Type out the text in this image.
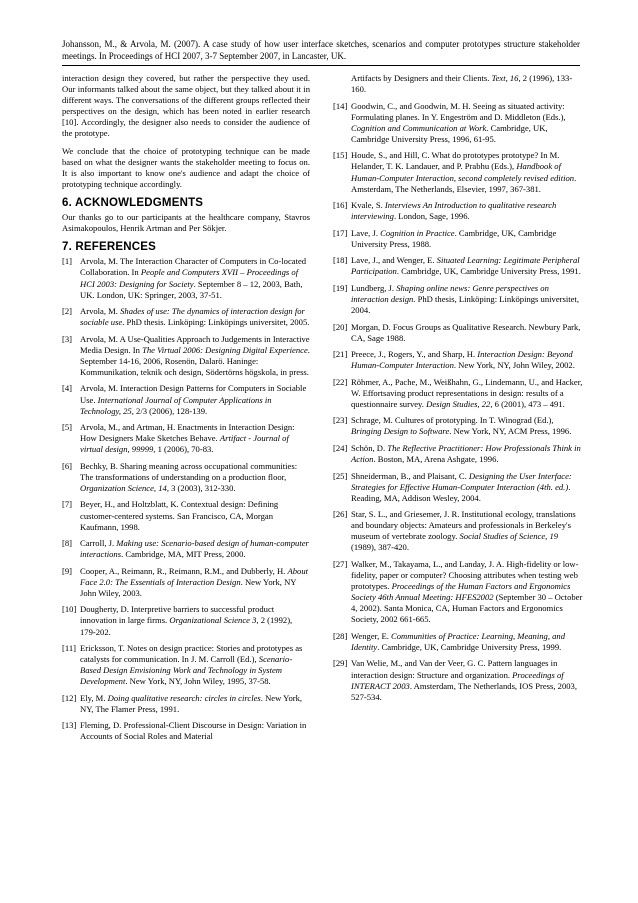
Johansson, M., & Arvola, M. (2007). A case study of how user interface sketches, scenarios and computer prototypes structure stakeholder meetings. In Proceedings of HCI 2007, 3-7 September 2007, in Lancaster, UK.

interaction design they covered, but rather the perspective they used. Our informants talked about the same object, but they talked about it in different ways. The conversations of the different groups reflected their perspectives on the design, which has been noted in earlier research [10]. Accordingly, the designer also needs to consider the audience of the prototype.

We conclude that the choice of prototyping technique can be made based on what the designer wants the stakeholder meeting to focus on. It is also important to know one's audience and adapt the choice of prototyping technique accordingly.

6. ACKNOWLEDGMENTS

Our thanks go to our participants at the healthcare company, Stavros Asimakopoulos, Henrik Artman and Per Sökjer.

7. REFERENCES
[1] Arvola, M. The Interaction Character of Computers in Co-located Collaboration. In People and Computers XVII – Proceedings of HCI 2003: Designing for Society. September 8 – 12, 2003, Bath, UK. London, UK: Springer, 2003, 37-51.
[2] Arvola, M. Shades of use: The dynamics of interaction design for sociable use. PhD thesis. Linköping: Linköpings universitet, 2005.
[3] Arvola, M. A Use-Qualities Approach to Judgements in Interactive Media Design. In The Virtual 2006: Designing Digital Experience. September 14-16, 2006, Rosenön, Dalarö. Haninge: Kommunikation, teknik och design, Södertörns högskola, in press.
[4] Arvola, M. Interaction Design Patterns for Computers in Sociable Use. International Journal of Computer Applications in Technology, 25, 2/3 (2006), 128-139.
[5] Arvola, M., and Artman, H. Enactments in Interaction Design: How Designers Make Sketches Behave. Artifact - Journal of virtual design, 99999, 1 (2006), 70-83.
[6] Bechky, B. Sharing meaning across occupational communities: The transformations of understanding on a production floor, Organization Science, 14, 3 (2003), 312-330.
[7] Beyer, H., and Holtzblatt, K. Contextual design: Defining customer-centered systems. San Francisco, CA, Morgan Kaufmann, 1998.
[8] Carroll, J. Making use: Scenario-based design of human-computer interactions. Cambridge, MA, MIT Press, 2000.
[9] Cooper, A., Reimann, R., Reimann, R.M., and Dubberly, H. About Face 2.0: The Essentials of Interaction Design. New York, NY John Wiley, 2003.
[10] Dougherty, D. Interpretive barriers to successful product innovation in large firms. Organizational Science 3, 2 (1992), 179-202.
[11] Ericksson, T. Notes on design practice: Stories and prototypes as catalysts for communication. In J. M. Carroll (Ed.), Scenario-Based Design Envisioning Work and Technology in System Development. New York, NY, John Wiley, 1995, 37-58.
[12] Ely, M. Doing qualitative research: circles in circles. New York, NY, The Flamer Press, 1991.
[13] Fleming, D. Professional-Client Discourse in Design: Variation in Accounts of Social Roles and Material
Artifacts by Designers and their Clients. Text, 16, 2 (1996), 133-160.
[14] Goodwin, C., and Goodwin, M. H. Seeing as situated activity: Formulating planes. In Y. Engeström and D. Middleton (Eds.), Cognition and Communication at Work. Cambridge, UK, Cambridge University Press, 1996, 61-95.
[15] Houde, S., and Hill, C. What do prototypes prototype? In M. Helander, T. K. Landauer, and P. Prabhu (Eds.), Handbook of Human-Computer Interaction, second completely revised edition. Amsterdam, The Netherlands, Elsevier, 1997, 367-381.
[16] Kvale, S. Interviews An Introduction to qualitative research interviewing. London, Sage, 1996.
[17] Lave, J. Cognition in Practice. Cambridge, UK, Cambridge University Press, 1988.
[18] Lave, J., and Wenger, E. Situated Learning: Legitimate Peripheral Participation. Cambridge, UK, Cambridge University Press, 1991.
[19] Lundberg, J. Shaping online news: Genre perspectives on interaction design. PhD thesis, Linköping: Linköpings universitet, 2004.
[20] Morgan, D. Focus Groups as Qualitative Research. Newbury Park, CA, Sage 1988.
[21] Preece, J., Rogers, Y., and Sharp, H. Interaction Design: Beyond Human-Computer Interaction. New York, NY, John Wiley, 2002.
[22] Röhmer, A., Pache, M., Weißhahn, G., Lindemann, U., and Hacker, W. Effortsaving product representations in design: results of a questionnaire survey. Design Studies, 22, 6 (2001), 473 – 491.
[23] Schrage, M. Cultures of prototyping. In T. Winograd (Ed.), Bringing Design to Software. New York, NY, ACM Press, 1996.
[24] Schön, D. The Reflective Practitioner: How Professionals Think in Action. Boston, MA, Arena Ashgate, 1996.
[25] Shneiderman, B., and Plaisant, C. Designing the User Interface: Strategies for Effective Human-Computer Interaction (4th. ed.). Reading, MA, Addison Wesley, 2004.
[26] Star, S. L., and Griesemer, J. R. Institutional ecology, translations and boundary objects: Amateurs and professionals in Berkeley's museum of vertebrate zoology. Social Studies of Science, 19 (1989), 387-420.
[27] Walker, M., Takayama, L., and Landay, J. A. High-fidelity or low-fidelity, paper or computer? Choosing attributes when testing web prototypes. Proceedings of the Human Factors and Ergonomics Society 46th Annual Meeting: HFES2002 (September 30 – October 4, 2002). Santa Monica, CA, Human Factors and Ergonomics Society, 2002 661-665.
[28] Wenger, E. Communities of Practice: Learning, Meaning, and Identity. Cambridge, UK, Cambridge University Press, 1999.
[29] Van Welie, M., and Van der Veer, G. C. Pattern languages in interaction design: Structure and organization. Proceedings of INTERACT 2003. Amsterdam, The Netherlands, IOS Press, 2003, 527-534.
